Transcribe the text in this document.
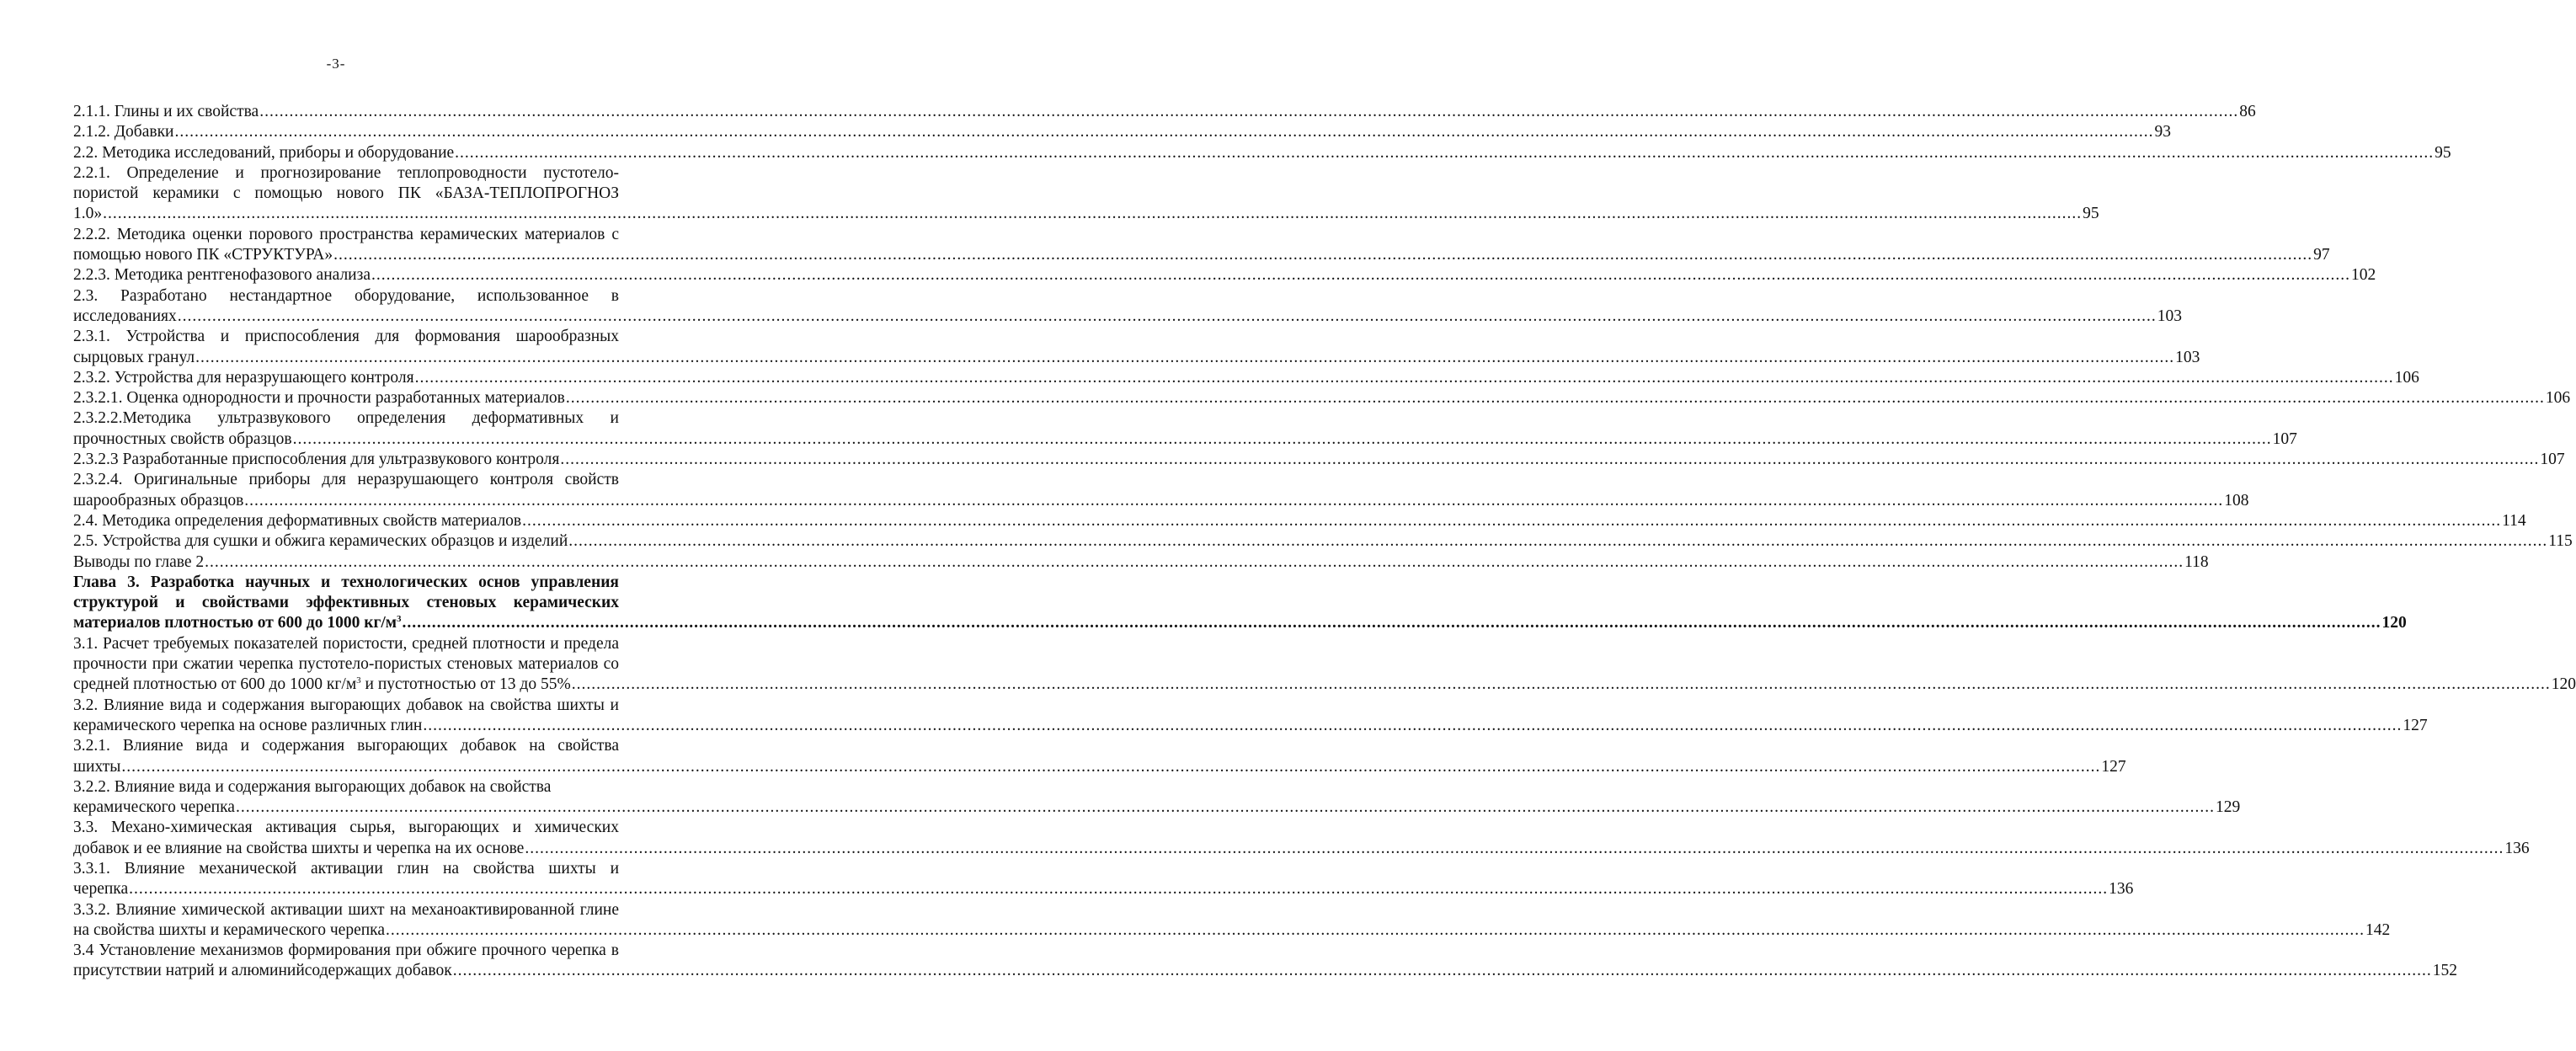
-3-
2.1.1. Глины и их свойства ................................................................................................................................................................................................................................................................................................................................................................................................................ 86
2.1.2. Добавки ................................................................................................................................................................................................................................................................................................................................................................................................................ 93
2.2. Методика исследований, приборы и оборудование ................................................................................................................................................................................................................................................................................................................................................................................................................ 95
2.2.1. Определение и прогнозирование теплопроводности пустотело-
пористой керамики с помощью нового ПК «БАЗА-ТЕПЛОПРОГНОЗ
1.0» ................................................................................................................................................................................................................................................................................................................................................................................................................ 95
2.2.2. Методика оценки порового пространства керамических материалов с
помощью нового ПК «СТРУКТУРА» ................................................................................................................................................................................................................................................................................................................................................................................................................ 97
2.2.3. Методика рентгенофазового анализа ................................................................................................................................................................................................................................................................................................................................................................................................................ 102
2.3. Разработано нестандартное оборудование, использованное в
исследованиях ................................................................................................................................................................................................................................................................................................................................................................................................................ 103
2.3.1. Устройства и приспособления для формования шарообразных
сырцовых гранул ................................................................................................................................................................................................................................................................................................................................................................................................................ 103
2.3.2. Устройства для неразрушающего контроля ................................................................................................................................................................................................................................................................................................................................................................................................................ 106
2.3.2.1. Оценка однородности и прочности разработанных материалов ................................................................................................................................................................................................................................................................................................................................................................................................................ 106
2.3.2.2.Методика ультразвукового определения деформативных и
прочностных свойств образцов ................................................................................................................................................................................................................................................................................................................................................................................................................ 107
2.3.2.3 Разработанные приспособления для ультразвукового контроля ................................................................................................................................................................................................................................................................................................................................................................................................................ 107
2.3.2.4. Оригинальные приборы для неразрушающего контроля свойств
шарообразных образцов ................................................................................................................................................................................................................................................................................................................................................................................................................ 108
2.4. Методика определения деформативных свойств материалов ................................................................................................................................................................................................................................................................................................................................................................................................................ 114
2.5. Устройства для сушки и обжига керамических образцов и изделий ................................................................................................................................................................................................................................................................................................................................................................................................................ 115
Выводы по главе 2 ................................................................................................................................................................................................................................................................................................................................................................................................................ 118
Глава 3. Разработка научных и технологических основ управления
структурой и свойствами эффективных стеновых керамических
материалов плотностью от 600 до 1000 $кг/м^3$ ................................................................................................................................................................................................................................................................................................................................................................................................................ 120
3.1. Расчет требуемых показателей пористости, средней плотности и предела
прочности при сжатии черепка пустотело-пористых стеновых материалов со
средней плотностью от 600 до 1000 $кг/м^3$ и пустотностью от 13 до 55% ................................................................................................................................................................................................................................................................................................................................................................................................................ 120
3.2. Влияние вида и содержания выгорающих добавок на свойства шихты и
керамического черепка на основе различных глин ................................................................................................................................................................................................................................................................................................................................................................................................................ 127
3.2.1. Влияние вида и содержания выгорающих добавок на свойства
шихты ................................................................................................................................................................................................................................................................................................................................................................................................................ 127
3.2.2. Влияние вида и содержания выгорающих добавок на свойства
керамического черепка ................................................................................................................................................................................................................................................................................................................................................................................................................ 129
3.3. Механо-химическая активация сырья, выгорающих и химических
добавок и ее влияние на свойства шихты и черепка на их основе ................................................................................................................................................................................................................................................................................................................................................................................................................ 136
3.3.1. Влияние механической активации глин на свойства шихты и
черепка ................................................................................................................................................................................................................................................................................................................................................................................................................ 136
3.3.2. Влияние химической активации шихт на механоактивированной глине
на свойства шихты и керамического черепка ................................................................................................................................................................................................................................................................................................................................................................................................................ 142
3.4 Установление механизмов формирования при обжиге прочного черепка в
присутствии натрий и алюминийсодержащих добавок ................................................................................................................................................................................................................................................................................................................................................................................................................ 152
